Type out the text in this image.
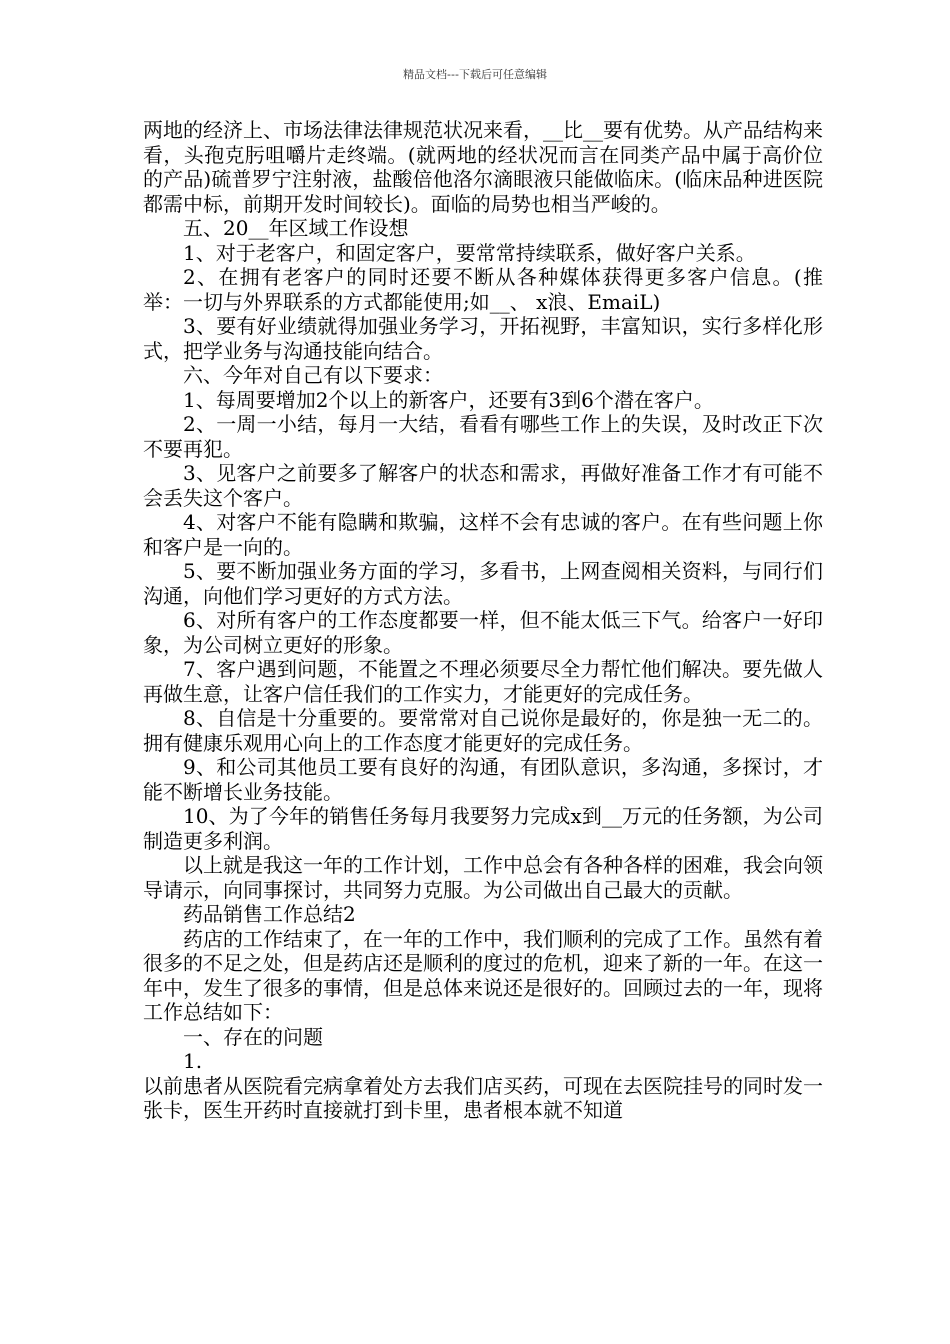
精品文档---下载后可任意编辑

两地的经济上、市场法律法律规范状况来看，__比__要有优势。从产品结构来看，头孢克肟咀嚼片走终端。(就两地的经状况而言在同类产品中属于高价位的产品)硫普罗宁注射液，盐酸倍他洛尔滴眼液只能做临床。(临床品种进医院都需中标，前期开发时间较长)。面临的局势也相当严峻的。

五、20__年区域工作设想

1、对于老客户，和固定客户，要常常持续联系，做好客户关系。

2、在拥有老客户的同时还要不断从各种媒体获得更多客户信息。(推举：一切与外界联系的方式都能使用;如__、 x浪、EmaiL)

3、要有好业绩就得加强业务学习，开拓视野，丰富知识，实行多样化形式，把学业务与沟通技能向结合。

六、今年对自己有以下要求：

1、每周要增加2个以上的新客户，还要有3到6个潜在客户。

2、一周一小结，每月一大结，看看有哪些工作上的失误，及时改正下次不要再犯。

3、见客户之前要多了解客户的状态和需求，再做好准备工作才有可能不会丢失这个客户。

4、对客户不能有隐瞒和欺骗，这样不会有忠诚的客户。在有些问题上你和客户是一向的。

5、要不断加强业务方面的学习，多看书，上网查阅相关资料，与同行们沟通，向他们学习更好的方式方法。

6、对所有客户的工作态度都要一样，但不能太低三下气。给客户一好印象，为公司树立更好的形象。

7、客户遇到问题，不能置之不理必须要尽全力帮忙他们解决。要先做人再做生意，让客户信任我们的工作实力，才能更好的完成任务。

8、自信是十分重要的。要常常对自己说你是最好的，你是独一无二的。拥有健康乐观用心向上的工作态度才能更好的完成任务。

9、和公司其他员工要有良好的沟通，有团队意识，多沟通，多探讨，才能不断增长业务技能。

10、为了今年的销售任务每月我要努力完成x到__万元的任务额，为公司制造更多利润。

以上就是我这一年的工作计划，工作中总会有各种各样的困难，我会向领导请示，向同事探讨，共同努力克服。为公司做出自己最大的贡献。

药品销售工作总结2

药店的工作结束了，在一年的工作中，我们顺利的完成了工作。虽然有着很多的不足之处，但是药店还是顺利的度过的危机，迎来了新的一年。在这一年中，发生了很多的事情，但是总体来说还是很好的。回顾过去的一年，现将工作总结如下：

一、存在的问题

1.

以前患者从医院看完病拿着处方去我们店买药，可现在去医院挂号的同时发一张卡，医生开药时直接就打到卡里，患者根本就不知道
